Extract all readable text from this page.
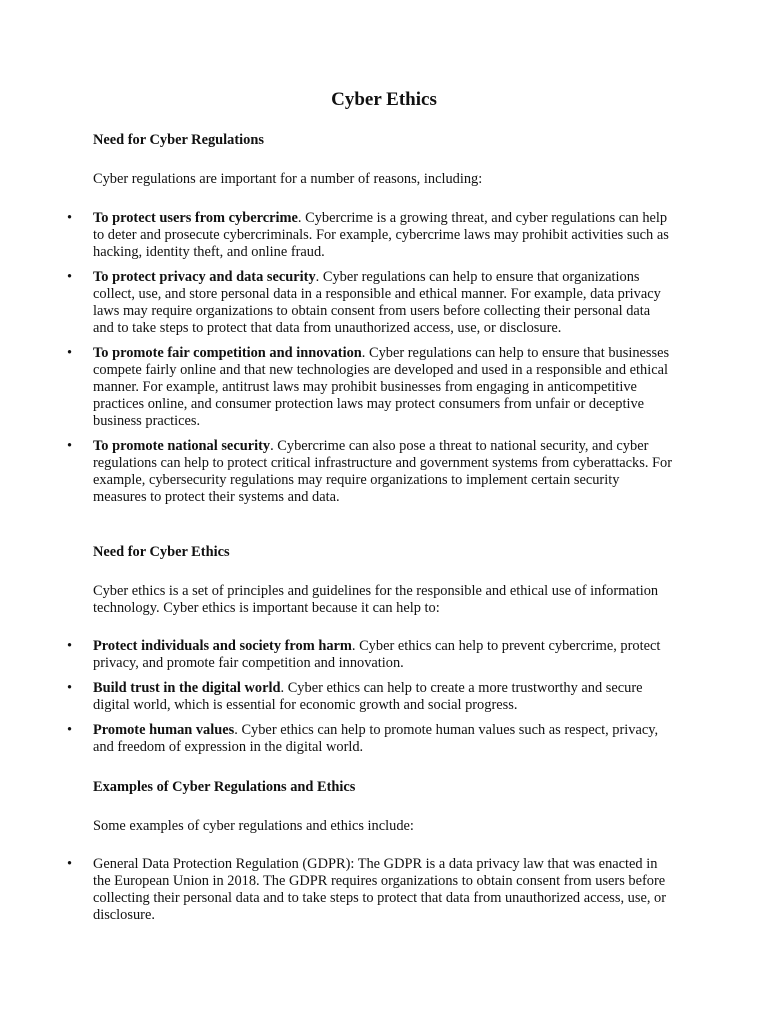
Cyber Ethics
Need for Cyber Regulations

Cyber regulations are important for a number of reasons, including:

• To protect users from cybercrime. Cybercrime is a growing threat, and cyber regulations can help to deter and prosecute cybercriminals. For example, cybercrime laws may prohibit activities such as hacking, identity theft, and online fraud.
• To protect privacy and data security. Cyber regulations can help to ensure that organizations collect, use, and store personal data in a responsible and ethical manner. For example, data privacy laws may require organizations to obtain consent from users before collecting their personal data and to take steps to protect that data from unauthorized access, use, or disclosure.
• To promote fair competition and innovation. Cyber regulations can help to ensure that businesses compete fairly online and that new technologies are developed and used in a responsible and ethical manner. For example, antitrust laws may prohibit businesses from engaging in anticompetitive practices online, and consumer protection laws may protect consumers from unfair or deceptive business practices.
• To promote national security. Cybercrime can also pose a threat to national security, and cyber regulations can help to protect critical infrastructure and government systems from cyberattacks. For example, cybersecurity regulations may require organizations to implement certain security measures to protect their systems and data.
Need for Cyber Ethics

Cyber ethics is a set of principles and guidelines for the responsible and ethical use of information technology. Cyber ethics is important because it can help to:

• Protect individuals and society from harm. Cyber ethics can help to prevent cybercrime, protect privacy, and promote fair competition and innovation.
• Build trust in the digital world. Cyber ethics can help to create a more trustworthy and secure digital world, which is essential for economic growth and social progress.
• Promote human values. Cyber ethics can help to promote human values such as respect, privacy, and freedom of expression in the digital world.
Examples of Cyber Regulations and Ethics

Some examples of cyber regulations and ethics include:

• General Data Protection Regulation (GDPR): The GDPR is a data privacy law that was enacted in the European Union in 2018. The GDPR requires organizations to obtain consent from users before collecting their personal data and to take steps to protect that data from unauthorized access, use, or disclosure.
